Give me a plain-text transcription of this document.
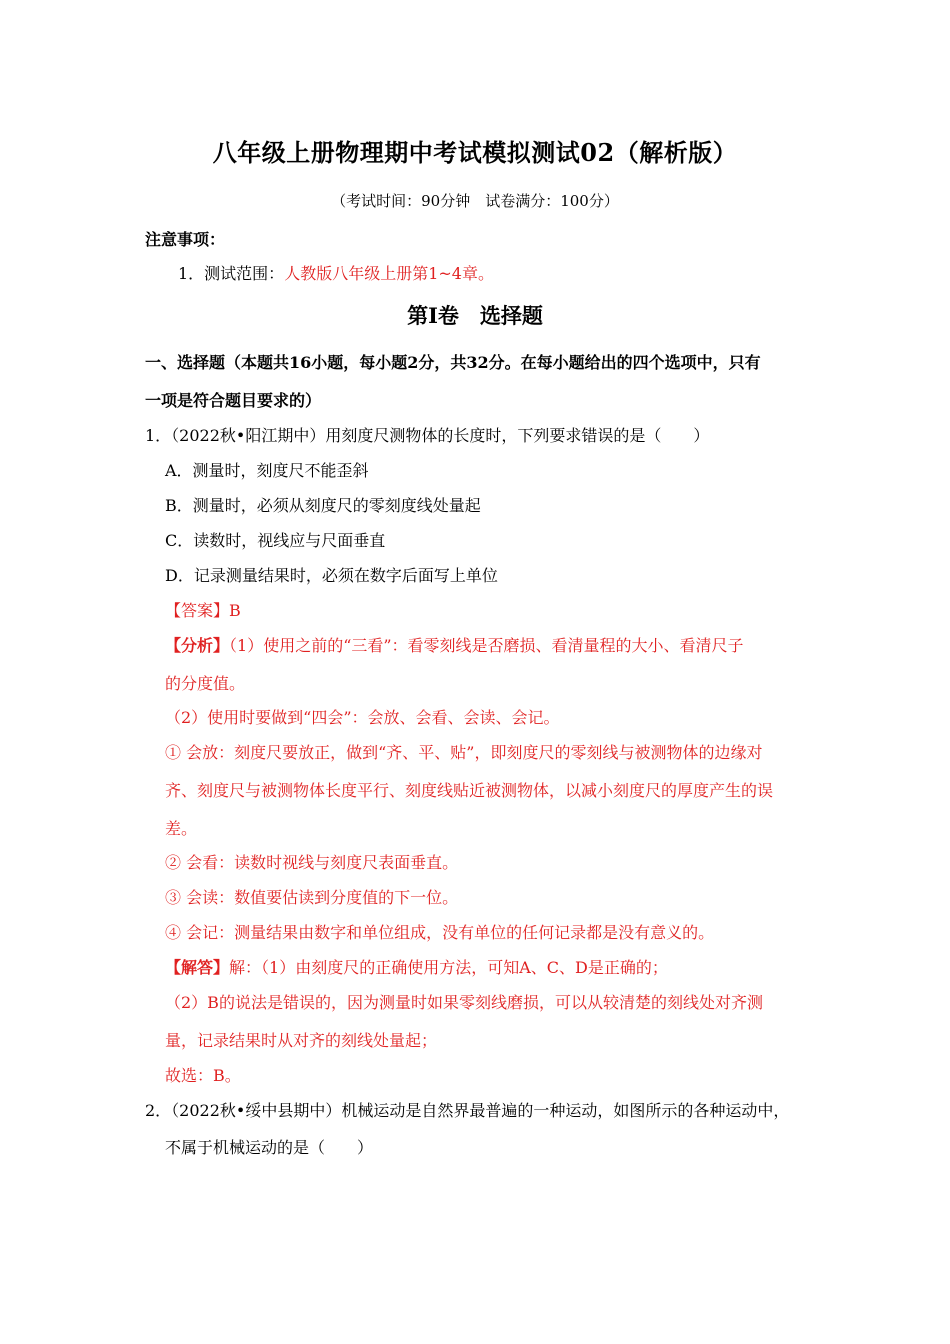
八年级上册物理期中考试模拟测试02（解析版）
（考试时间：90分钟　试卷满分：100分）
注意事项：
1．测试范围：人教版八年级上册第1~4章。
第Ⅰ卷　选择题
一、选择题（本题共16小题，每小题2分，共32分。在每小题给出的四个选项中，只有
一项是符合题目要求的）
1．（2022秋•阳江期中）用刻度尺测物体的长度时，下列要求错误的是（　　）
A．测量时，刻度尺不能歪斜
B．测量时，必须从刻度尺的零刻度线处量起
C．读数时，视线应与尺面垂直
D．记录测量结果时，必须在数字后面写上单位
【答案】B
【分析】（1）使用之前的“三看”：看零刻线是否磨损、看清量程的大小、看清尺子
的分度值。
（2）使用时要做到“四会”：会放、会看、会读、会记。
① 会放：刻度尺要放正，做到“齐、平、贴”，即刻度尺的零刻线与被测物体的边缘对
齐、刻度尺与被测物体长度平行、刻度线贴近被测物体，以减小刻度尺的厚度产生的误
差。
② 会看：读数时视线与刻度尺表面垂直。
③ 会读：数值要估读到分度值的下一位。
④ 会记：测量结果由数字和单位组成，没有单位的任何记录都是没有意义的。
【解答】解：（1）由刻度尺的正确使用方法，可知A、C、D是正确的；
（2）B的说法是错误的，因为测量时如果零刻线磨损，可以从较清楚的刻线处对齐测
量，记录结果时从对齐的刻线处量起；
故选：B。
2．（2022秋•绥中县期中）机械运动是自然界最普遍的一种运动，如图所示的各种运动中，
不属于机械运动的是（　　）
